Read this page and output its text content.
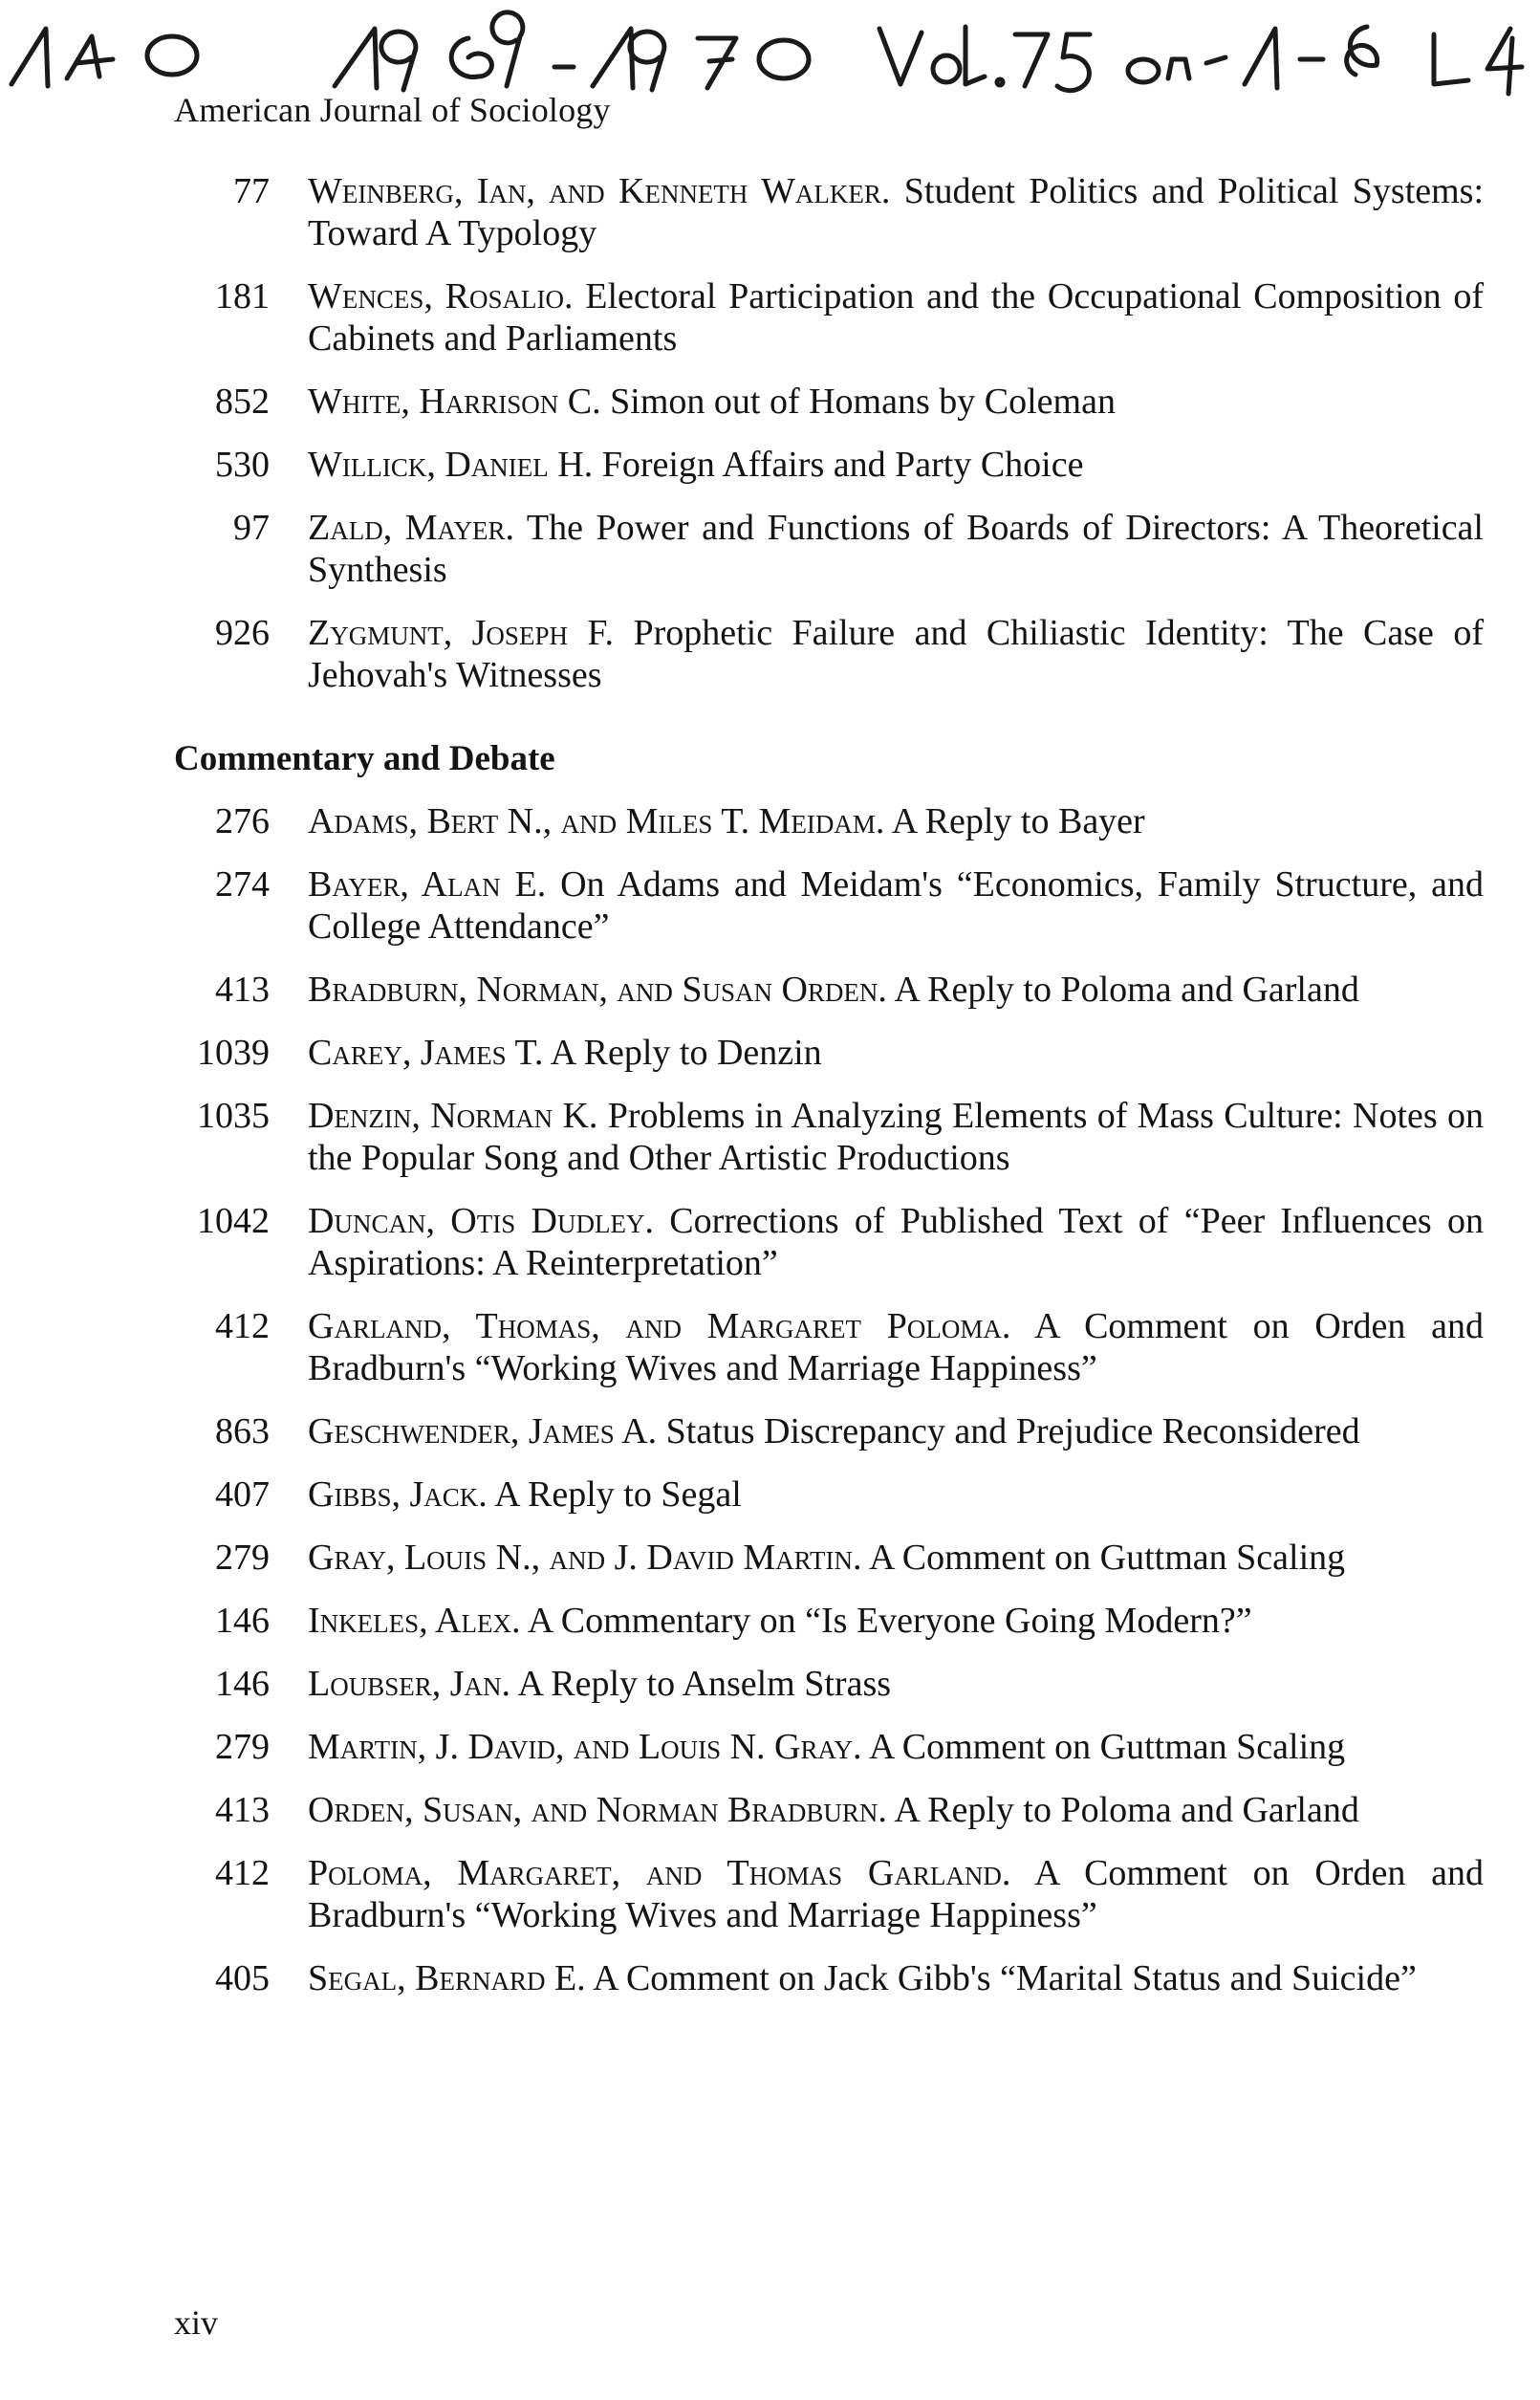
American Journal of Sociology
77 Weinberg, Ian, and Kenneth Walker. Student Politics and Political Systems: Toward A Typology
181 Wences, Rosalio. Electoral Participation and the Occupational Composition of Cabinets and Parliaments
852 White, Harrison C. Simon out of Homans by Coleman
530 Willick, Daniel H. Foreign Affairs and Party Choice
97 Zald, Mayer. The Power and Functions of Boards of Directors: A Theoretical Synthesis
926 Zygmunt, Joseph F. Prophetic Failure and Chiliastic Identity: The Case of Jehovah's Witnesses
Commentary and Debate
276 Adams, Bert N., and Miles T. Meidam. A Reply to Bayer
274 Bayer, Alan E. On Adams and Meidam's “Economics, Family Structure, and College Attendance”
413 Bradburn, Norman, and Susan Orden. A Reply to Poloma and Garland
1039 Carey, James T. A Reply to Denzin
1035 Denzin, Norman K. Problems in Analyzing Elements of Mass Culture: Notes on the Popular Song and Other Artistic Productions
1042 Duncan, Otis Dudley. Corrections of Published Text of “Peer Influences on Aspirations: A Reinterpretation”
412 Garland, Thomas, and Margaret Poloma. A Comment on Orden and Bradburn's “Working Wives and Marriage Happiness”
863 Geschwender, James A. Status Discrepancy and Prejudice Reconsidered
407 Gibbs, Jack. A Reply to Segal
279 Gray, Louis N., and J. David Martin. A Comment on Guttman Scaling
146 Inkeles, Alex. A Commentary on “Is Everyone Going Modern?”
146 Loubser, Jan. A Reply to Anselm Strass
279 Martin, J. David, and Louis N. Gray. A Comment on Guttman Scaling
413 Orden, Susan, and Norman Bradburn. A Reply to Poloma and Garland
412 Poloma, Margaret, and Thomas Garland. A Comment on Orden and Bradburn's “Working Wives and Marriage Happiness”
405 Segal, Bernard E. A Comment on Jack Gibb's “Marital Status and Suicide”
xiv
